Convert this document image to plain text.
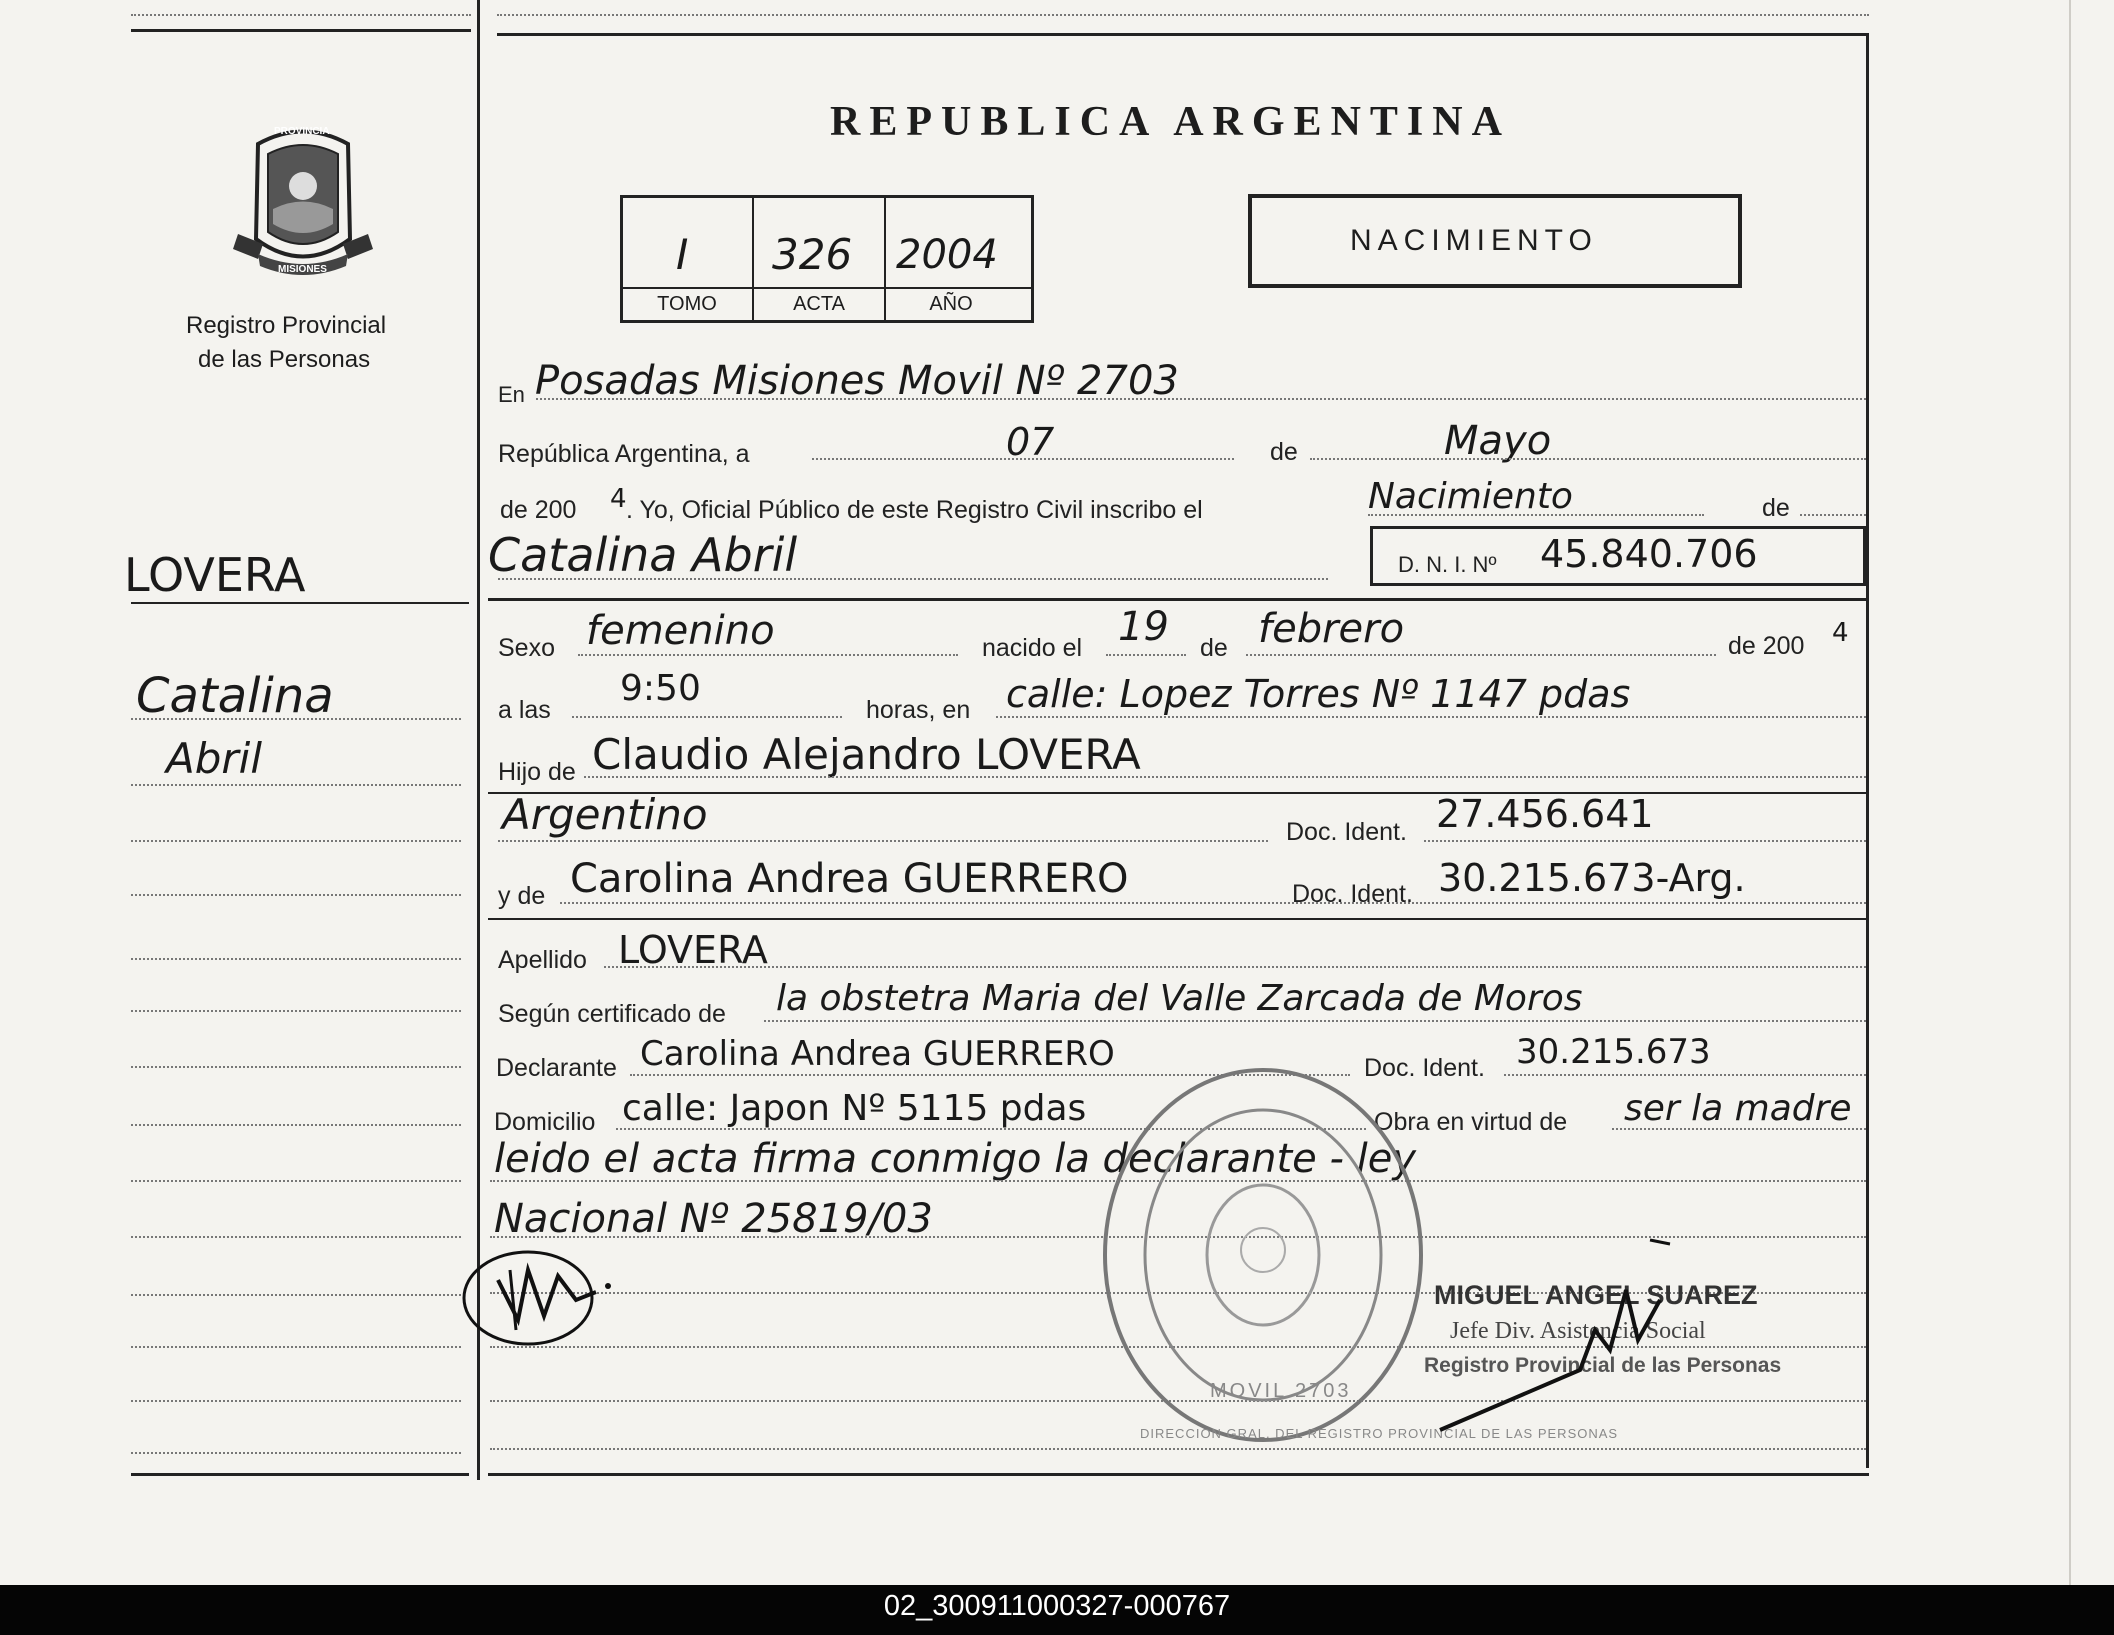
REPUBLICA ARGENTINA
PROVINCIA
MISIONES
Registro Provincial
de las Personas
I 326 2004
TOMO	ACTA	AÑO
NACIMIENTO
LOVERA
Catalina
Abril
En Posadas Misiones Movil Nº 2703
República Argentina, a	07	de	Mayo
de 200 4 . Yo, Oficial Público de este Registro Civil inscribo el	Nacimiento	de
Catalina Abril	D. N. I. Nº 45.840.706
Sexo femenino	nacido el 19 de febrero	de 200 4
a las
9:50
horas, en calle: Lopez Torres Nº 1147 pdas
Hijo de Claudio Alejandro LOVERA
Argentino	Doc. Ident. 27.456.641
y de Carolina Andrea GUERRERO	Doc. Ident. 30.215.673-Arg.
Apellido LOVERA
Según certificado de la obstetra Maria del Valle Zarcada de Moros
Declarante Carolina Andrea GUERRERO	Doc. Ident. 30.215.673
Domicilio calle: Japon Nº 5115 pdas	Obra en virtud de ser la madre
leido el acta firma conmigo la declarante - ley
Nacional Nº 25819/03
DIRECCION GRAL. DEL REGISTRO PROVINCIAL DE LAS PERSONAS
MOVIL 2703
MIGUEL ANGEL SUAREZ
Jefe Div. Asistencia Social
Registro Provincial de las Personas
02_300911000327-000767
